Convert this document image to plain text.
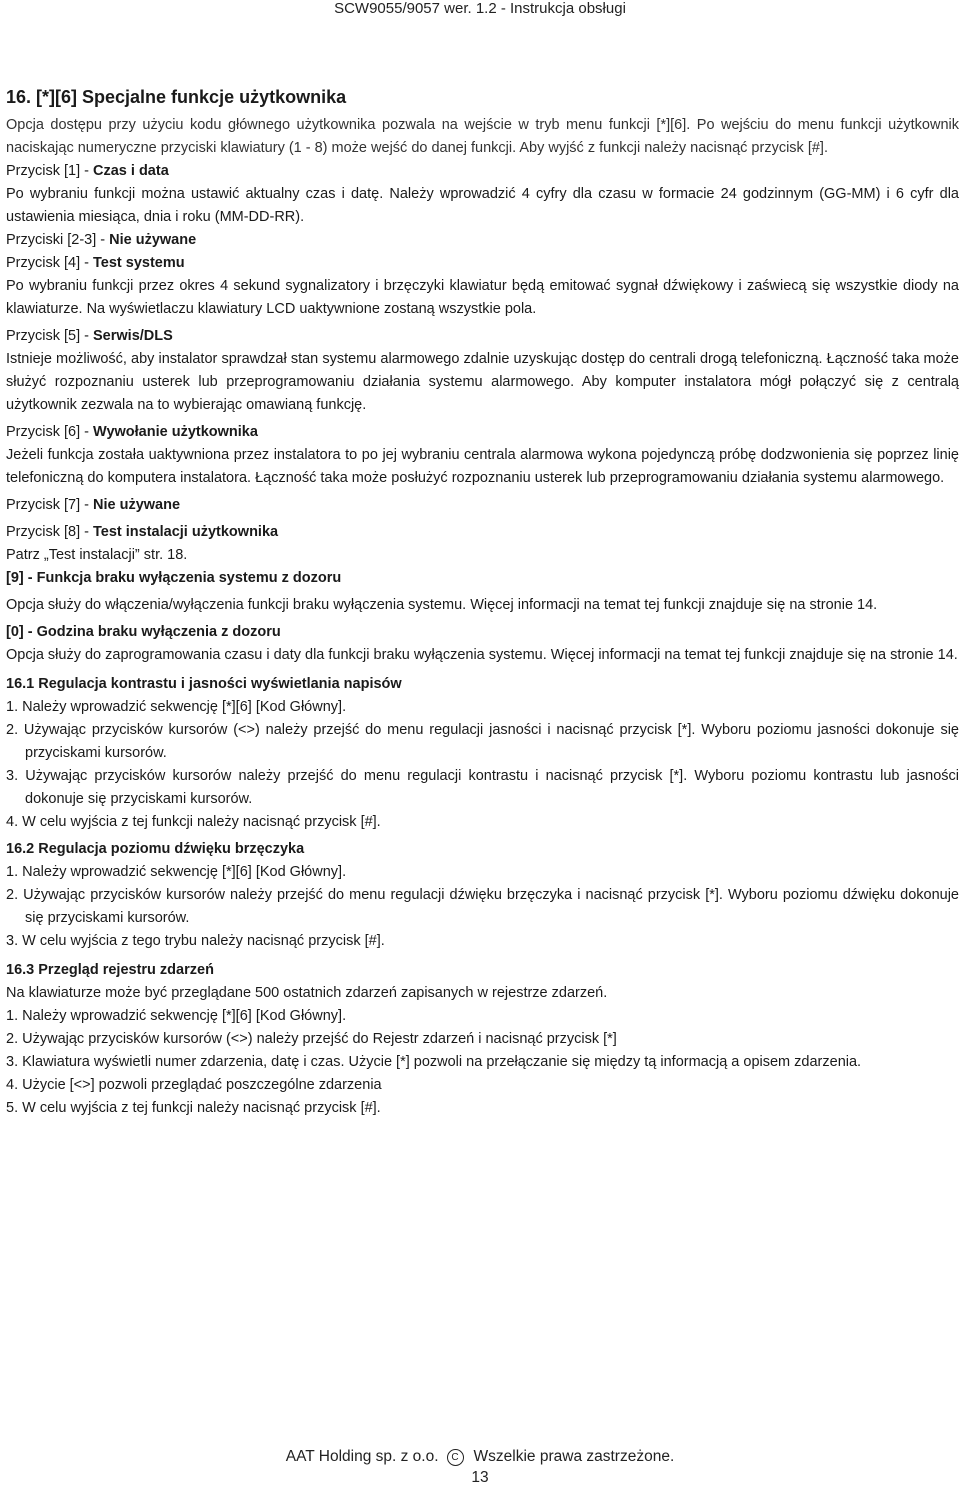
SCW9055/9057 wer. 1.2 - Instrukcja obsługi
16. [*][6] Specjalne funkcje użytkownika

Opcja dostępu przy użyciu kodu głównego użytkownika pozwala na wejście w tryb menu funkcji [*][6]. Po wejściu do menu funkcji użytkownik naciskając numeryczne przyciski klawiatury (1 - 8) może wejść do danej funkcji. Aby wyjść z funkcji należy nacisnąć przycisk [#].

Przycisk [1] - Czas i data

Po wybraniu funkcji można ustawić aktualny czas i datę. Należy wprowadzić 4 cyfry dla czasu w formacie 24 godzinnym (GG-MM) i 6 cyfr dla ustawienia miesiąca, dnia i roku (MM-DD-RR).

Przyciski [2-3] - Nie używane

Przycisk [4] - Test systemu

Po wybraniu funkcji przez okres 4 sekund sygnalizatory i brzęczyki klawiatur będą emitować sygnał dźwiękowy i zaświecą się wszystkie diody na klawiaturze. Na wyświetlaczu klawiatury LCD uaktywnione zostaną wszystkie pola.

Przycisk [5] - Serwis/DLS

Istnieje możliwość, aby instalator sprawdzał stan systemu alarmowego zdalnie uzyskując dostęp do centrali drogą telefoniczną. Łączność taka może służyć rozpoznaniu usterek lub przeprogramowaniu działania systemu alarmowego. Aby komputer instalatora mógł połączyć się z centralą użytkownik zezwala na to wybierając omawianą funkcję.

Przycisk [6] - Wywołanie użytkownika

Jeżeli funkcja została uaktywniona przez instalatora to po jej wybraniu centrala alarmowa wykona pojedynczą próbę dodzwonienia się poprzez linię telefoniczną do komputera instalatora. Łączność taka może posłużyć rozpoznaniu usterek lub przeprogramowaniu działania systemu alarmowego.

Przycisk [7] - Nie używane

Przycisk [8] - Test instalacji użytkownika

Patrz „Test instalacji” str. 18.

[9] - Funkcja braku wyłączenia systemu z dozoru

Opcja służy do włączenia/wyłączenia funkcji braku wyłączenia systemu. Więcej informacji na temat tej funkcji znajduje się na stronie 14.

[0] - Godzina braku wyłączenia z dozoru

Opcja służy do zaprogramowania czasu i daty dla funkcji braku wyłączenia systemu. Więcej informacji na temat tej funkcji znajduje się na stronie 14.

16.1 Regulacja kontrastu i jasności wyświetlania napisów

1. Należy wprowadzić sekwencję [*][6] [Kod Główny].

2. Używając przycisków kursorów (<>) należy przejść do menu regulacji jasności i nacisnąć przycisk [*]. Wyboru poziomu jasności dokonuje się przyciskami kursorów.

3. Używając przycisków kursorów należy przejść do menu regulacji kontrastu i nacisnąć przycisk [*]. Wyboru poziomu kontrastu lub jasności dokonuje się przyciskami kursorów.

4. W celu wyjścia z tej funkcji należy nacisnąć przycisk [#].

16.2 Regulacja poziomu dźwięku brzęczyka

1. Należy wprowadzić sekwencję [*][6] [Kod Główny].

2. Używając przycisków kursorów należy przejść do menu regulacji dźwięku brzęczyka i nacisnąć przycisk [*]. Wyboru poziomu dźwięku dokonuje się przyciskami kursorów.

3. W celu wyjścia z tego trybu należy nacisnąć przycisk [#].

16.3 Przegląd rejestru zdarzeń

Na klawiaturze może być przeglądane 500 ostatnich zdarzeń zapisanych w rejestrze zdarzeń.

1. Należy wprowadzić sekwencję [*][6] [Kod Główny].

2. Używając przycisków kursorów (<>) należy przejść do Rejestr zdarzeń i nacisnąć przycisk [*]

3. Klawiatura wyświetli numer zdarzenia, datę i czas. Użycie [*] pozwoli na przełączanie się między tą informacją a opisem zdarzenia.

4. Użycie [<>] pozwoli przeglądać poszczególne zdarzenia

5. W celu wyjścia z tej funkcji należy nacisnąć przycisk [#].

AAT Holding sp. z o.o. C Wszelkie prawa zastrzeżone.
13
